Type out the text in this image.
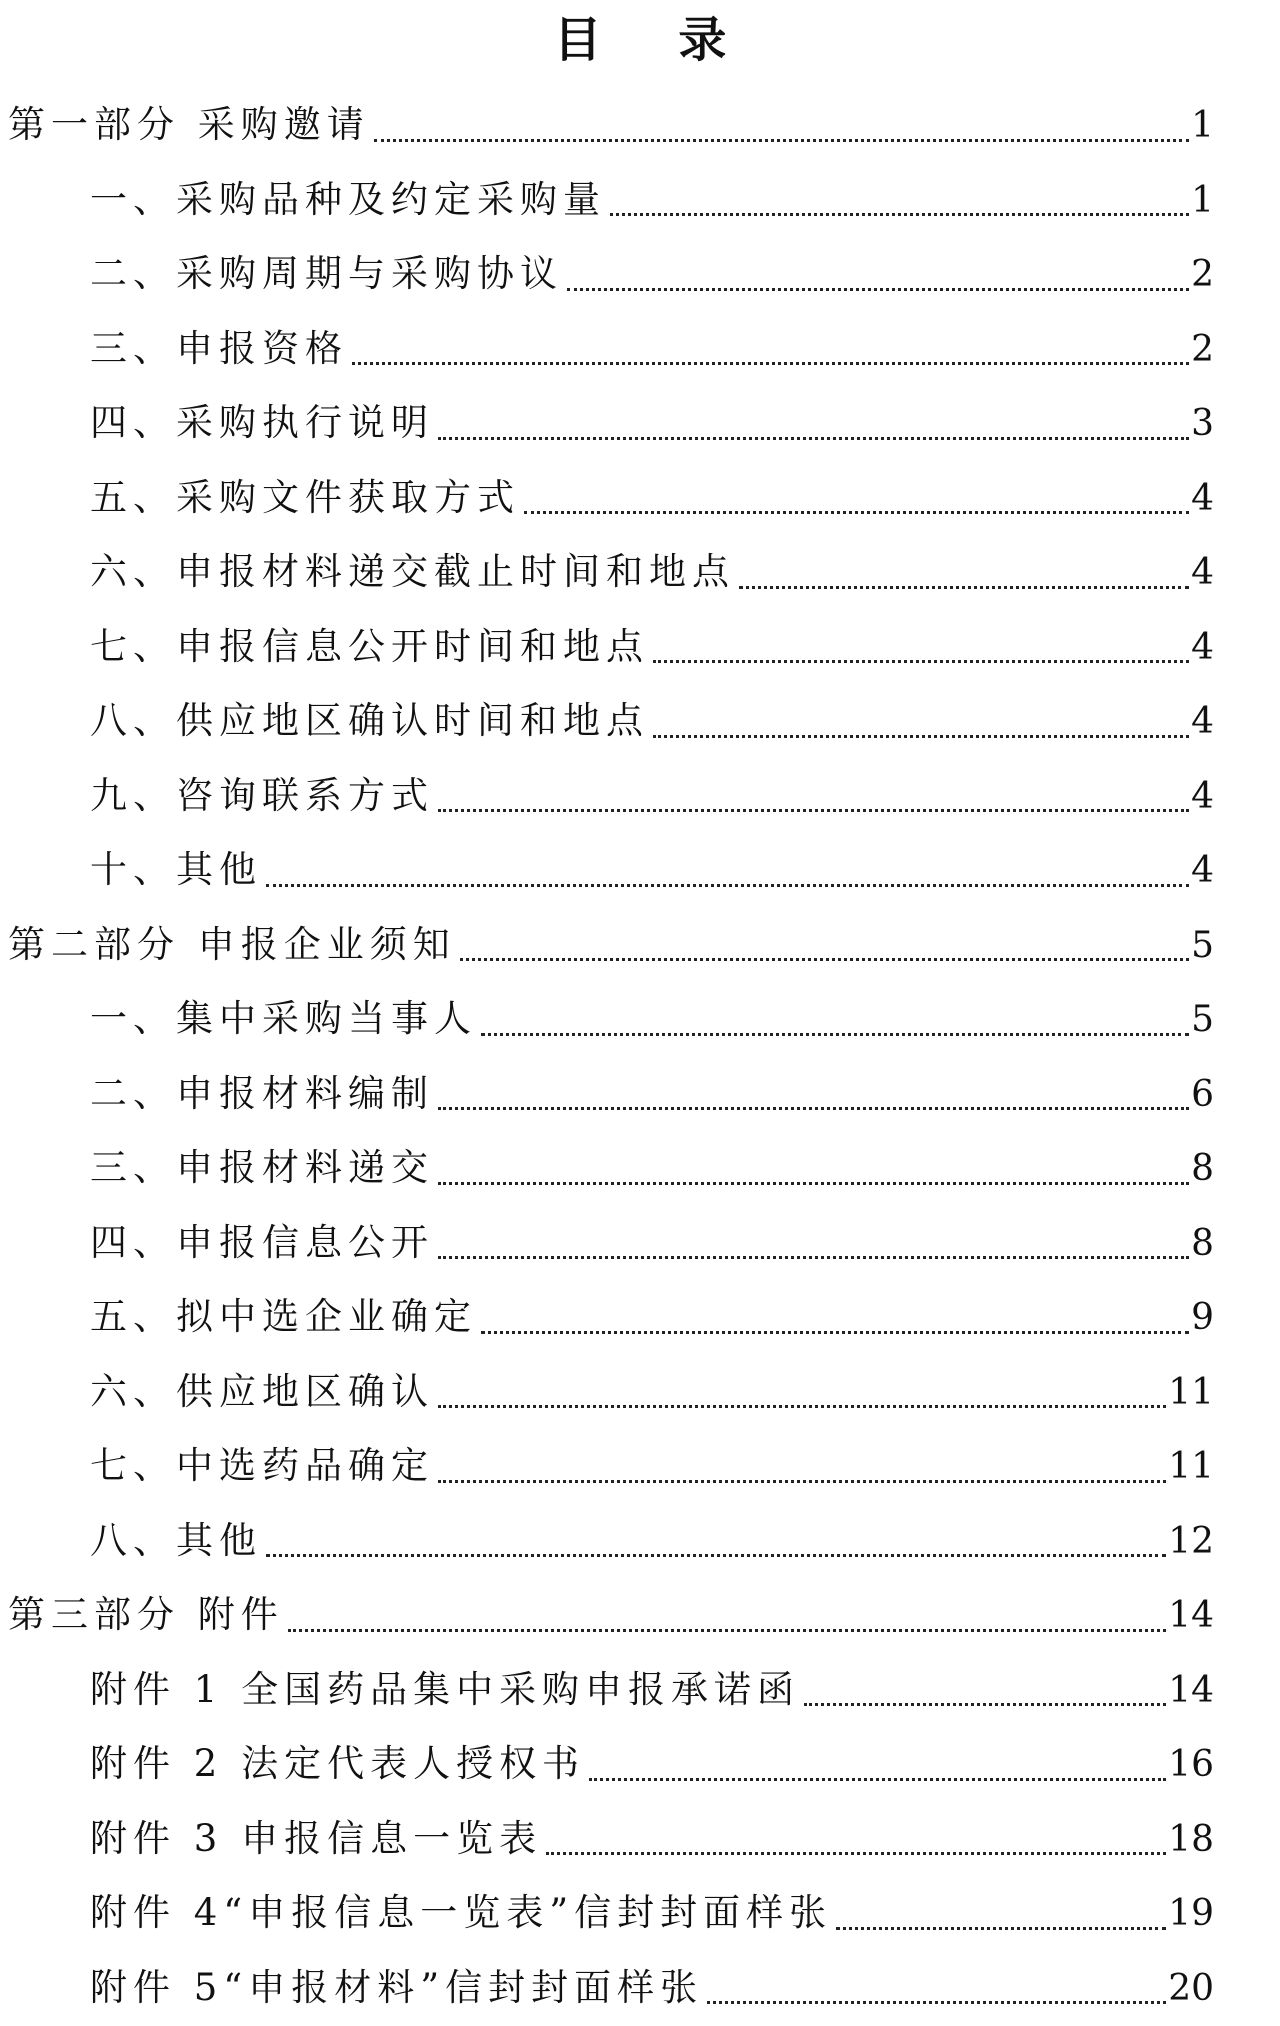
目 录
第一部分 采购邀请	1
一、采购品种及约定采购量	1
二、采购周期与采购协议	2
三、申报资格	2
四、采购执行说明	3
五、采购文件获取方式	4
六、申报材料递交截止时间和地点	4
七、申报信息公开时间和地点	4
八、供应地区确认时间和地点	4
九、咨询联系方式	4
十、其他	4
第二部分 申报企业须知	5
一、集中采购当事人	5
二、申报材料编制	6
三、申报材料递交	8
四、申报信息公开	8
五、拟中选企业确定	9
六、供应地区确认	11
七、中选药品确定	11
八、其他	12
第三部分 附件	14
附件 1 全国药品集中采购申报承诺函	14
附件 2 法定代表人授权书	16
附件 3 申报信息一览表	18
附件 4“申报信息一览表”信封封面样张	19
附件 5“申报材料”信封封面样张	20
